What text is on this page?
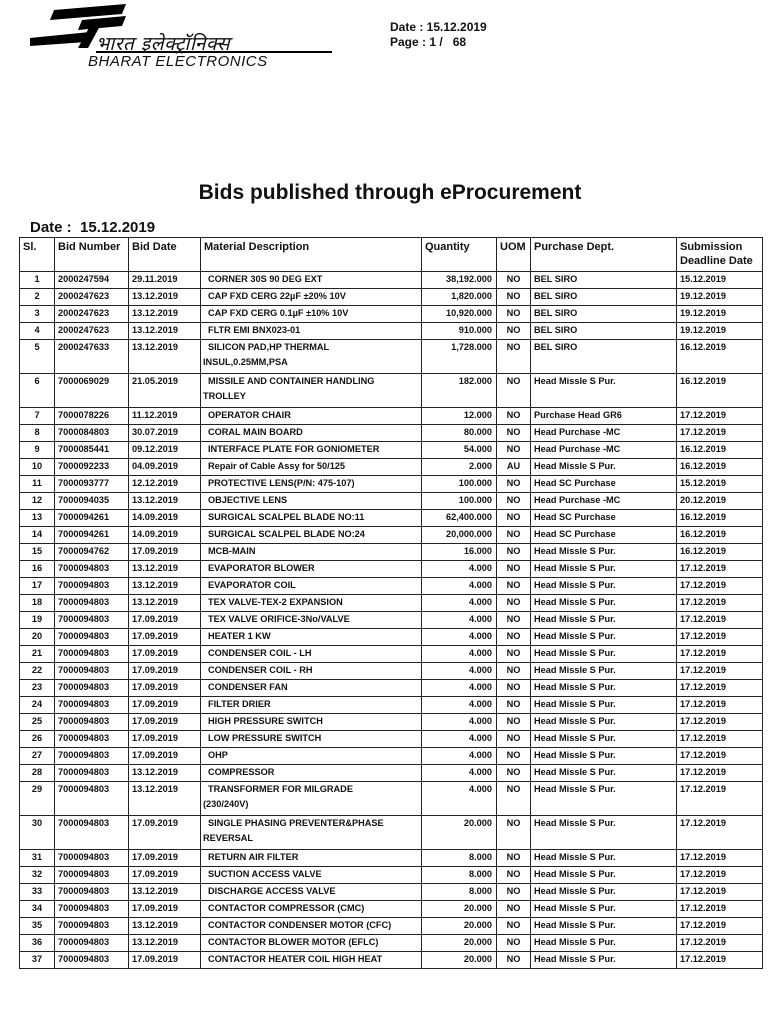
भारत इलेक्ट्रॉनिक्स
BHARAT ELECTRONICS
Date : 15.12.2019
Page : 1 /   68
Bids published through eProcurement
Date :  15.12.2019
Sl.	Bid Number	Bid Date	Material Description	Quantity	UOM	Purchase Dept.	Submission Deadline Date
1	2000247594	29.11.2019	CORNER 30S 90 DEG EXT	38,192.000	NO	BEL SIRO	15.12.2019
2	2000247623	13.12.2019	CAP FXD CERG 22µF ±20% 10V	1,820.000	NO	BEL SIRO	19.12.2019
3	2000247623	13.12.2019	CAP FXD CERG 0.1µF ±10% 10V	10,920.000	NO	BEL SIRO	19.12.2019
4	2000247623	13.12.2019	FLTR EMI BNX023-01	910.000	NO	BEL SIRO	19.12.2019
5	2000247633	13.12.2019	SILICON PAD,HP THERMAL
INSUL,0.25MM,PSA	1,728.000	NO	BEL SIRO	16.12.2019
6	7000069029	21.05.2019	MISSILE AND CONTAINER HANDLING
TROLLEY	182.000	NO	Head Missle S Pur.	16.12.2019
7	7000078226	11.12.2019	OPERATOR CHAIR	12.000	NO	Purchase Head GR6	17.12.2019
8	7000084803	30.07.2019	CORAL MAIN BOARD	80.000	NO	Head Purchase -MC	17.12.2019
9	7000085441	09.12.2019	INTERFACE PLATE FOR GONIOMETER	54.000	NO	Head Purchase -MC	16.12.2019
10	7000092233	04.09.2019	Repair of Cable Assy for 50/125	2.000	AU	Head Missle S Pur.	16.12.2019
11	7000093777	12.12.2019	PROTECTIVE LENS(P/N: 475-107)	100.000	NO	Head SC Purchase	15.12.2019
12	7000094035	13.12.2019	OBJECTIVE LENS	100.000	NO	Head Purchase -MC	20.12.2019
13	7000094261	14.09.2019	SURGICAL SCALPEL BLADE NO:11	62,400.000	NO	Head SC Purchase	16.12.2019
14	7000094261	14.09.2019	SURGICAL SCALPEL BLADE NO:24	20,000.000	NO	Head SC Purchase	16.12.2019
15	7000094762	17.09.2019	MCB-MAIN	16.000	NO	Head Missle S Pur.	16.12.2019
16	7000094803	13.12.2019	EVAPORATOR BLOWER	4.000	NO	Head Missle S Pur.	17.12.2019
17	7000094803	13.12.2019	EVAPORATOR COIL	4.000	NO	Head Missle S Pur.	17.12.2019
18	7000094803	13.12.2019	TEX VALVE-TEX-2 EXPANSION	4.000	NO	Head Missle S Pur.	17.12.2019
19	7000094803	17.09.2019	TEX VALVE ORIFICE-3No/VALVE	4.000	NO	Head Missle S Pur.	17.12.2019
20	7000094803	17.09.2019	HEATER 1 KW	4.000	NO	Head Missle S Pur.	17.12.2019
21	7000094803	17.09.2019	CONDENSER COIL - LH	4.000	NO	Head Missle S Pur.	17.12.2019
22	7000094803	17.09.2019	CONDENSER COIL - RH	4.000	NO	Head Missle S Pur.	17.12.2019
23	7000094803	17.09.2019	CONDENSER FAN	4.000	NO	Head Missle S Pur.	17.12.2019
24	7000094803	17.09.2019	FILTER DRIER	4.000	NO	Head Missle S Pur.	17.12.2019
25	7000094803	17.09.2019	HIGH PRESSURE SWITCH	4.000	NO	Head Missle S Pur.	17.12.2019
26	7000094803	17.09.2019	LOW PRESSURE SWITCH	4.000	NO	Head Missle S Pur.	17.12.2019
27	7000094803	17.09.2019	OHP	4.000	NO	Head Missle S Pur.	17.12.2019
28	7000094803	13.12.2019	COMPRESSOR	4.000	NO	Head Missle S Pur.	17.12.2019
29	7000094803	13.12.2019	TRANSFORMER FOR MILGRADE
(230/240V)	4.000	NO	Head Missle S Pur.	17.12.2019
30	7000094803	17.09.2019	SINGLE PHASING PREVENTER&PHASE
REVERSAL	20.000	NO	Head Missle S Pur.	17.12.2019
31	7000094803	17.09.2019	RETURN AIR FILTER	8.000	NO	Head Missle S Pur.	17.12.2019
32	7000094803	17.09.2019	SUCTION ACCESS VALVE	8.000	NO	Head Missle S Pur.	17.12.2019
33	7000094803	13.12.2019	DISCHARGE ACCESS VALVE	8.000	NO	Head Missle S Pur.	17.12.2019
34	7000094803	17.09.2019	CONTACTOR COMPRESSOR (CMC)	20.000	NO	Head Missle S Pur.	17.12.2019
35	7000094803	13.12.2019	CONTACTOR CONDENSER MOTOR (CFC)	20.000	NO	Head Missle S Pur.	17.12.2019
36	7000094803	13.12.2019	CONTACTOR BLOWER MOTOR (EFLC)	20.000	NO	Head Missle S Pur.	17.12.2019
37	7000094803	17.09.2019	CONTACTOR HEATER COIL HIGH HEAT	20.000	NO	Head Missle S Pur.	17.12.2019
